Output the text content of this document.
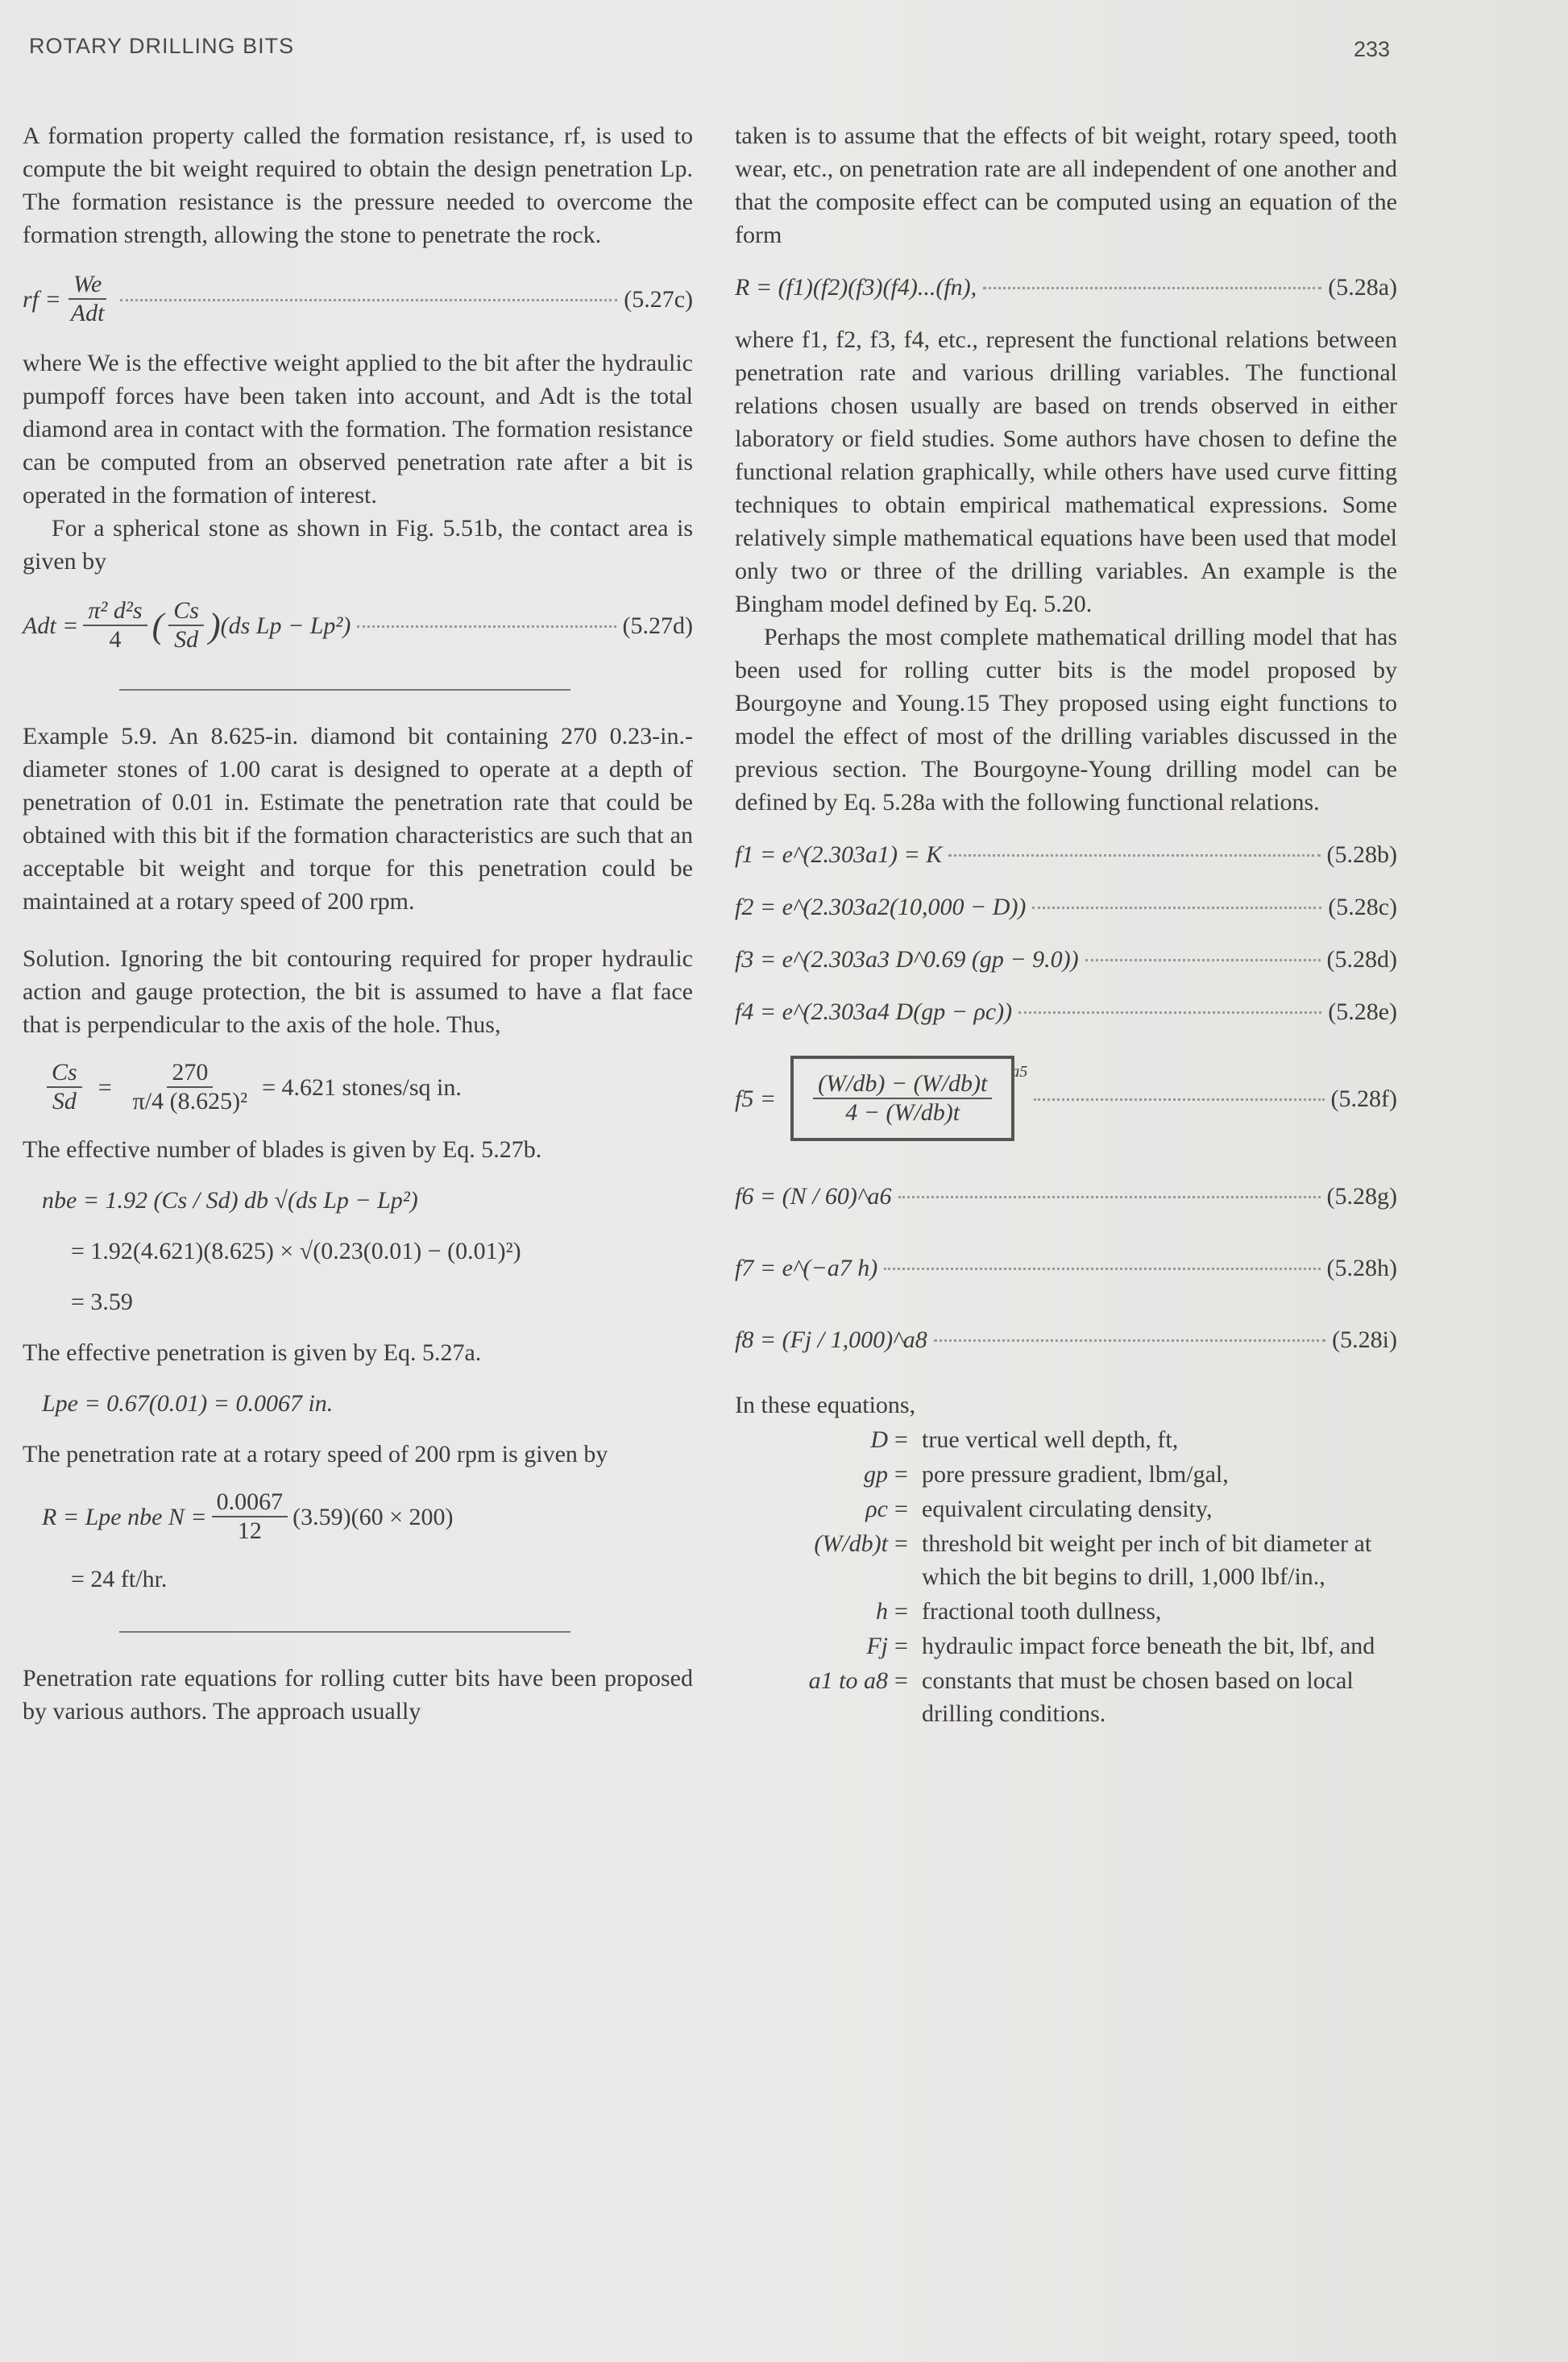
ROTARY DRILLING BITS	233

A formation property called the formation resistance, rf, is used to compute the bit weight required to obtain the design penetration Lp. The formation resistance is the pressure needed to overcome the formation strength, allowing the stone to penetrate the rock.

rf = $\frac{We}{\text{Adt}}$	(5.27c)

where We is the effective weight applied to the bit after the hydraulic pumpoff forces have been taken into account, and Adt is the total diamond area in contact with the formation. The formation resistance can be computed from an observed penetration rate after a bit is operated in the formation of interest.

For a spherical stone as shown in Fig. 5.51b, the contact area is given by

Adt = $\frac{\text{π² d²s}}{4}$ ( $\frac{Cs}{Sd}$ ) (ds Lp − Lp²)	(5.27d)

Example 5.9. An 8.625-in. diamond bit containing 270 0.23-in.-diameter stones of 1.00 carat is designed to operate at a depth of penetration of 0.01 in. Estimate the penetration rate that could be obtained with this bit if the formation characteristics are such that an acceptable bit weight and torque for this penetration could be maintained at a rotary speed of 200 rpm.

Solution. Ignoring the bit contouring required for proper hydraulic action and gauge protection, the bit is assumed to have a flat face that is perpendicular to the axis of the hole. Thus,

$\frac{Cs}{Sd} = \frac{270}{\text{π/4 (8.625)²}} = 4.621$ stones/sq in.

The effective number of blades is given by Eq. 5.27b.

nbe = 1.92 (Cs / Sd) db √(ds Lp − Lp²)
= 1.92(4.621)(8.625) × √(0.23(0.01) − (0.01)²)
= 3.59

The effective penetration is given by Eq. 5.27a.

Lpe = 0.67(0.01) = 0.0067 in.

The penetration rate at a rotary speed of 200 rpm is given by

R = Lpe nbe $N = \frac{0.0067}{12} (3.59)(60 \times 200)$
= 24 ft/hr.

Penetration rate equations for rolling cutter bits have been proposed by various authors. The approach usually

taken is to assume that the effects of bit weight, rotary speed, tooth wear, etc., on penetration rate are all independent of one another and that the composite effect can be computed using an equation of the form

R = (f1)(f2)(f3)(f4)...(fn),	(5.28a)

where f1, f2, f3, f4, etc., represent the functional relations between penetration rate and various drilling variables. The functional relations chosen usually are based on trends observed in either laboratory or field studies. Some authors have chosen to define the functional relation graphically, while others have used curve fitting techniques to obtain empirical mathematical expressions. Some relatively simple mathematical equations have been used that model only two or three of the drilling variables. An example is the Bingham model defined by Eq. 5.20.

Perhaps the most complete mathematical drilling model that has been used for rolling cutter bits is the model proposed by Bourgoyne and Young.15 They proposed using eight functions to model the effect of most of the drilling variables discussed in the previous section. The Bourgoyne-Young drilling model can be defined by Eq. 5.28a with the following functional relations.

f1 = e^(2.303a1) = K	(5.28b)
f2 = e^(2.303a2(10,000 − D))	(5.28c)
f3 = e^(2.303a3 D^0.69 (gp − 9.0))	(5.28d)
f4 = e^(2.303a4 D(gp − ρc))	(5.28e)
$f5 = \frac{(W/db) - (W/db)t}{4 - (W/db)t} ^{a5}$
(5.28f)
f6 = (N / 60)^a6	(5.28g)
f7 = e^(−a7 h)	(5.28h)
f8 = (Fj / 1,000)^a8	(5.28i)

In these equations,

D = true vertical well depth, ft,
gp = pore pressure gradient, lbm/gal,
ρc = equivalent circulating density,
(W/db)t = threshold bit weight per inch of bit diameter at which the bit begins to drill, 1,000 lbf/in.,
h = fractional tooth dullness,
Fj = hydraulic impact force beneath the bit, lbf, and
a1 to a8 = constants that must be chosen based on local drilling conditions.
